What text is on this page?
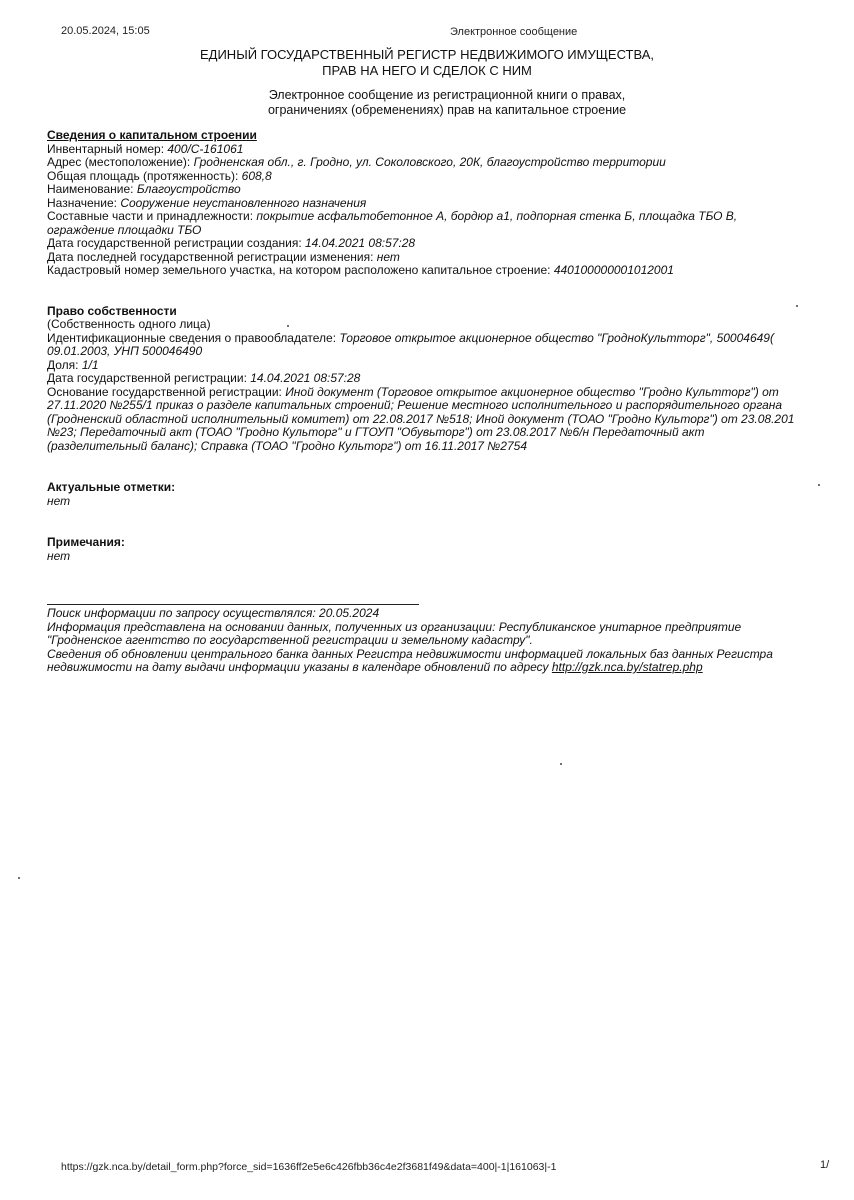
20.05.2024, 15:05	Электронное сообщение
ЕДИНЫЙ ГОСУДАРСТВЕННЫЙ РЕГИСТР НЕДВИЖИМОГО ИМУЩЕСТВА,
ПРАВ НА НЕГО И СДЕЛОК С НИМ
Электронное сообщение из регистрационной книги о правах,
ограничениях (обременениях) прав на капитальное строение
Сведения о капитальном строении
Инвентарный номер: 400/C-161061
Адрес (местоположение): Гродненская обл., г. Гродно, ул. Соколовского, 20К, благоустройство территории
Общая площадь (протяженность): 608,8
Наименование: Благоустройство
Назначение: Сооружение неустановленного назначения
Составные части и принадлежности: покрытие асфальтобетонное А, бордюр а1, подпорная стенка Б, площадка ТБО В,
ограждение площадки ТБО
Дата государственной регистрации создания: 14.04.2021 08:57:28
Дата последней государственной регистрации изменения: нет
Кадастровый номер земельного участка, на котором расположено капитальное строение: 440100000001012001
Право собственности
(Собственность одного лица)
Идентификационные сведения о правообладателе: Торговое открытое акционерное общество "ГродноКультторг", 50004649(
09.01.2003, УНП 500046490
Доля: 1/1
Дата государственной регистрации: 14.04.2021 08:57:28
Основание государственной регистрации: Иной документ (Торговое открытое акционерное общество "Гродно Культторг") от
27.11.2020 №255/1 приказ о разделе капитальных строений; Решение местного исполнительного и распорядительного органа
(Гродненский областной исполнительный комитет) от 22.08.2017 №518; Иной документ (ТОАО "Гродно Культорг") от 23.08.201
№23; Передаточный акт (ТОАО "Гродно Культорг" и ГТОУП "Обувьторг") от 23.08.2017 №6/н Передаточный акт
(разделительный баланс); Справка (ТОАО "Гродно Культорг") от 16.11.2017 №2754
Актуальные отметки:
нет
Примечания:
нет
Поиск информации по запросу осуществлялся: 20.05.2024
Информация представлена на основании данных, полученных из организации: Республиканское унитарное предприятие
"Гродненское агентство по государственной регистрации и земельному кадастру".
Сведения об обновлении центрального банка данных Регистра недвижимости информацией локальных баз данных Регистра
недвижимости на дату выдачи информации указаны в календаре обновлений по адресу http://gzk.nca.by/statrep.php
https://gzk.nca.by/detail_form.php?force_sid=1636ff2e5e6c426fbb36c4e2f3681f49&data=400|-1|161063|-1	1/
